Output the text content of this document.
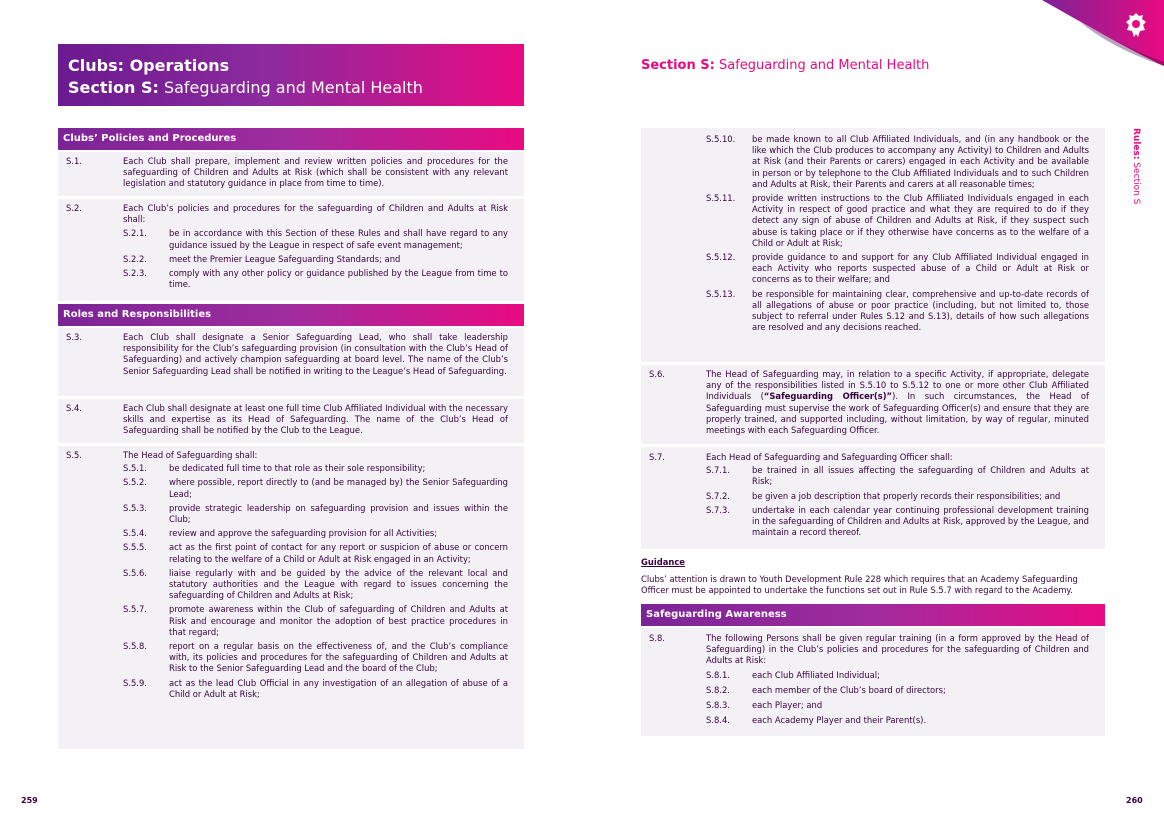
Clubs: Operations
Section S: Safeguarding and Mental Health
Clubs’ Policies and Procedures
S.1.	Each Club shall prepare, implement and review written policies and procedures for the safeguarding of Children and Adults at Risk (which shall be consistent with any relevant legislation and statutory guidance in place from time to time).
S.2.	Each Club’s policies and procedures for the safeguarding of Children and Adults at Risk shall:
S.2.1.	be in accordance with this Section of these Rules and shall have regard to any guidance issued by the League in respect of safe event management;
S.2.2.	meet the Premier League Safeguarding Standards; and
S.2.3.	comply with any other policy or guidance published by the League from time to time.
Roles and Responsibilities
S.3.	Each Club shall designate a Senior Safeguarding Lead, who shall take leadership responsibility for the Club’s safeguarding provision (in consultation with the Club’s Head of Safeguarding) and actively champion safeguarding at board level. The name of the Club’s Senior Safeguarding Lead shall be notified in writing to the League’s Head of Safeguarding.
S.4.	Each Club shall designate at least one full time Club Affiliated Individual with the necessary skills and expertise as its Head of Safeguarding. The name of the Club’s Head of Safeguarding shall be notified by the Club to the League.
S.5.	The Head of Safeguarding shall:
S.5.1.	be dedicated full time to that role as their sole responsibility;
S.5.2.	where possible, report directly to (and be managed by) the Senior Safeguarding Lead;
S.5.3.	provide strategic leadership on safeguarding provision and issues within the Club;
S.5.4.	review and approve the safeguarding provision for all Activities;
S.5.5.	act as the first point of contact for any report or suspicion of abuse or concern relating to the welfare of a Child or Adult at Risk engaged in an Activity;
S.5.6.	liaise regularly with and be guided by the advice of the relevant local and statutory authorities and the League with regard to issues concerning the safeguarding of Children and Adults at Risk;
S.5.7.	promote awareness within the Club of safeguarding of Children and Adults at Risk and encourage and monitor the adoption of best practice procedures in that regard;
S.5.8.	report on a regular basis on the effectiveness of, and the Club’s compliance with, its policies and procedures for the safeguarding of Children and Adults at Risk to the Senior Safeguarding Lead and the board of the Club;
S.5.9.	act as the lead Club Official in any investigation of an allegation of abuse of a Child or Adult at Risk;
259
Section S: Safeguarding and Mental Health
Rules: Section S
S.5.10. be made known to all Club Affiliated Individuals, and (in any handbook or the like which the Club produces to accompany any Activity) to Children and Adults at Risk (and their Parents or carers) engaged in each Activity and be available in person or by telephone to the Club Affiliated Individuals and to such Children and Adults at Risk, their Parents and carers at all reasonable times;
S.5.11. provide written instructions to the Club Affiliated Individuals engaged in each Activity in respect of good practice and what they are required to do if they detect any sign of abuse of Children and Adults at Risk, if they suspect such abuse is taking place or if they otherwise have concerns as to the welfare of a Child or Adult at Risk;
S.5.12. provide guidance to and support for any Club Affiliated Individual engaged in each Activity who reports suspected abuse of a Child or Adult at Risk or concerns as to their welfare; and
S.5.13. be responsible for maintaining clear, comprehensive and up-to-date records of all allegations of abuse or poor practice (including, but not limited to, those subject to referral under Rules S.12 and S.13), details of how such allegations are resolved and any decisions reached.
S.6.	The Head of Safeguarding may, in relation to a specific Activity, if appropriate, delegate any of the responsibilities listed in S.5.10 to S.5.12 to one or more other Club Affiliated Individuals (“Safeguarding Officer(s)”). In such circumstances, the Head of Safeguarding must supervise the work of Safeguarding Officer(s) and ensure that they are properly trained, and supported including, without limitation, by way of regular, minuted meetings with each Safeguarding Officer.
S.7.	Each Head of Safeguarding and Safeguarding Officer shall:
S.7.1.	be trained in all issues affecting the safeguarding of Children and Adults at Risk;
S.7.2.	be given a job description that properly records their responsibilities; and
S.7.3.	undertake in each calendar year continuing professional development training in the safeguarding of Children and Adults at Risk, approved by the League, and maintain a record thereof.
Guidance
Clubs’ attention is drawn to Youth Development Rule 228 which requires that an Academy Safeguarding Officer must be appointed to undertake the functions set out in Rule S.5.7 with regard to the Academy.
Safeguarding Awareness
S.8.	The following Persons shall be given regular training (in a form approved by the Head of Safeguarding) in the Club’s policies and procedures for the safeguarding of Children and Adults at Risk:
S.8.1.	each Club Affiliated Individual;
S.8.2.	each member of the Club’s board of directors;
S.8.3.	each Player; and
S.8.4.	each Academy Player and their Parent(s).
260
